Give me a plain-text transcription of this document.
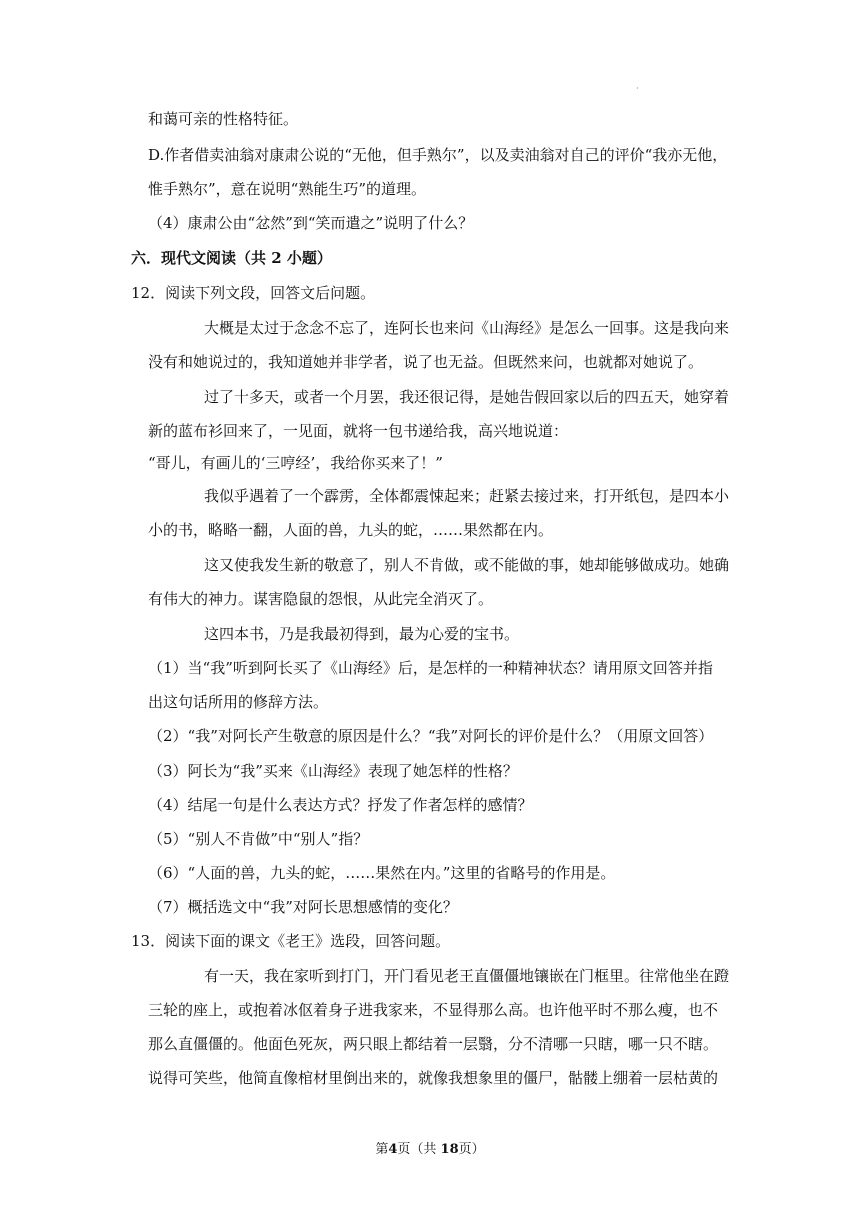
·
和蔼可亲的性格特征。
D.作者借卖油翁对康肃公说的“无他，但手熟尔”，以及卖油翁对自己的评价“我亦无他，
惟手熟尔”，意在说明“熟能生巧”的道理。
（4）康肃公由“忿然”到“笑而遣之”说明了什么？
六．现代文阅读（共 2 小题）
12．阅读下列文段，回答文后问题。
大概是太过于念念不忘了，连阿长也来问《山海经》是怎么一回事。这是我向来
没有和她说过的，我知道她并非学者，说了也无益。但既然来问，也就都对她说了。
过了十多天，或者一个月罢，我还很记得，是她告假回家以后的四五天，她穿着
新的蓝布衫回来了，一见面，就将一包书递给我，高兴地说道：
“哥儿，有画儿的‘三哼经’，我给你买来了！”
我似乎遇着了一个霹雳，全体都震悚起来；赶紧去接过来，打开纸包，是四本小
小的书，略略一翻，人面的兽，九头的蛇，……果然都在内。
这又使我发生新的敬意了，别人不肯做，或不能做的事，她却能够做成功。她确
有伟大的神力。谋害隐鼠的怨恨，从此完全消灭了。
这四本书，乃是我最初得到，最为心爱的宝书。
（1）当“我”听到阿长买了《山海经》后，是怎样的一种精神状态？请用原文回答并指
出这句话所用的修辞方法。
（2）“我”对阿长产生敬意的原因是什么？“我”对阿长的评价是什么？（用原文回答）
（3）阿长为“我”买来《山海经》表现了她怎样的性格？
（4）结尾一句是什么表达方式？抒发了作者怎样的感情？
（5）“别人不肯做”中“别人”指？
（6）“人面的兽，九头的蛇，……果然在内。”这里的省略号的作用是。
（7）概括选文中“我”对阿长思想感情的变化？
13．阅读下面的课文《老王》选段，回答问题。
有一天，我在家听到打门，开门看见老王直僵僵地镶嵌在门框里。往常他坐在蹬
三轮的座上，或抱着冰伛着身子进我家来，不显得那么高。也许他平时不那么瘦，也不
那么直僵僵的。他面色死灰，两只眼上都结着一层翳，分不清哪一只瞎，哪一只不瞎。
说得可笑些，他简直像棺材里倒出来的，就像我想象里的僵尸，骷髅上绷着一层枯黄的
第4页（共 18页）
